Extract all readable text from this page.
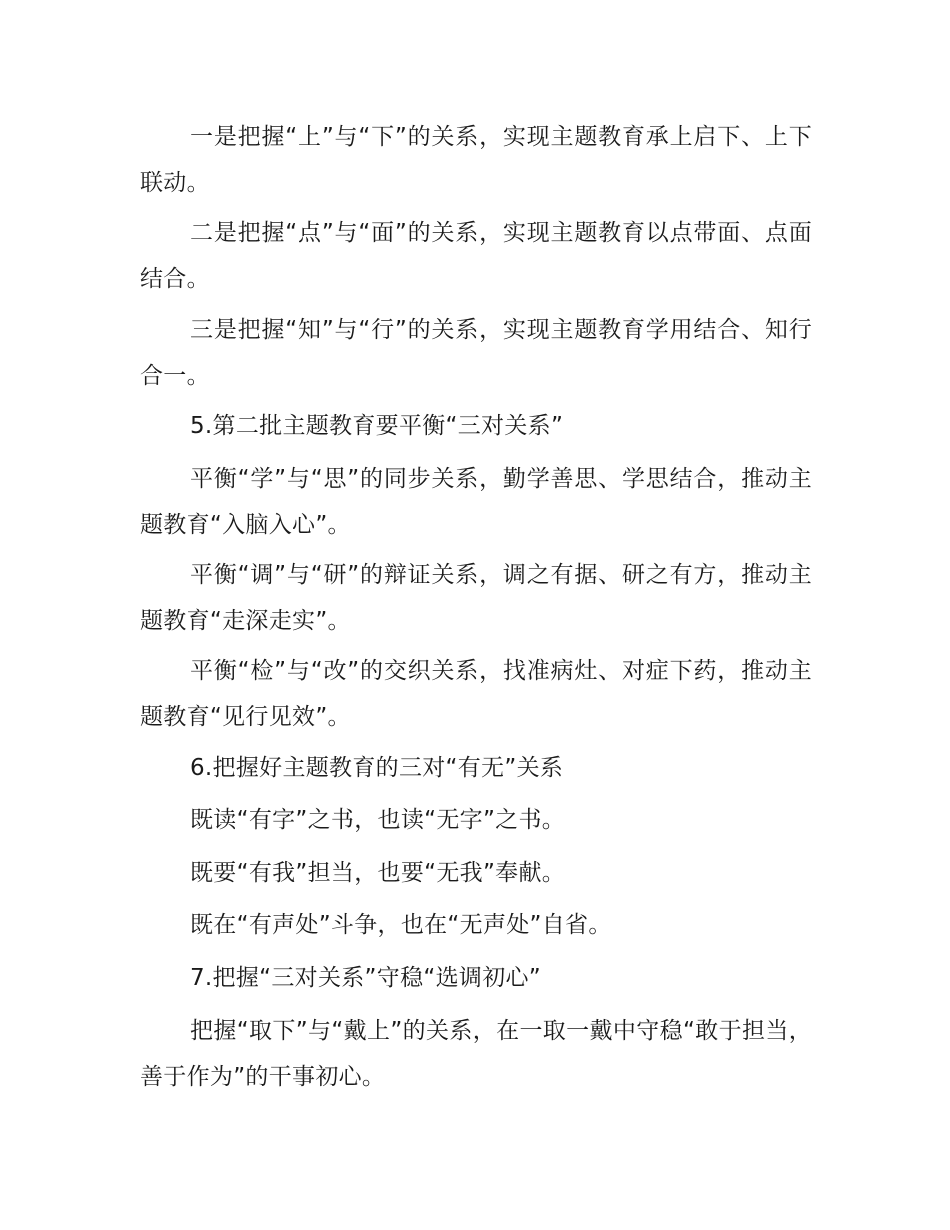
一是把握“上”与“下”的关系，实现主题教育承上启下、上下联动。

二是把握“点”与“面”的关系，实现主题教育以点带面、点面结合。

三是把握“知”与“行”的关系，实现主题教育学用结合、知行合一。

5.第二批主题教育要平衡“三对关系”

平衡“学”与“思”的同步关系，勤学善思、学思结合，推动主题教育“入脑入心”。

平衡“调”与“研”的辩证关系，调之有据、研之有方，推动主题教育“走深走实”。

平衡“检”与“改”的交织关系，找准病灶、对症下药，推动主题教育“见行见效”。

6.把握好主题教育的三对“有无”关系

既读“有字”之书，也读“无字”之书。

既要“有我”担当，也要“无我”奉献。

既在“有声处”斗争，也在“无声处”自省。

7.把握“三对关系”守稳“选调初心”

把握“取下”与“戴上”的关系，在一取一戴中守稳“敢于担当，善于作为”的干事初心。
